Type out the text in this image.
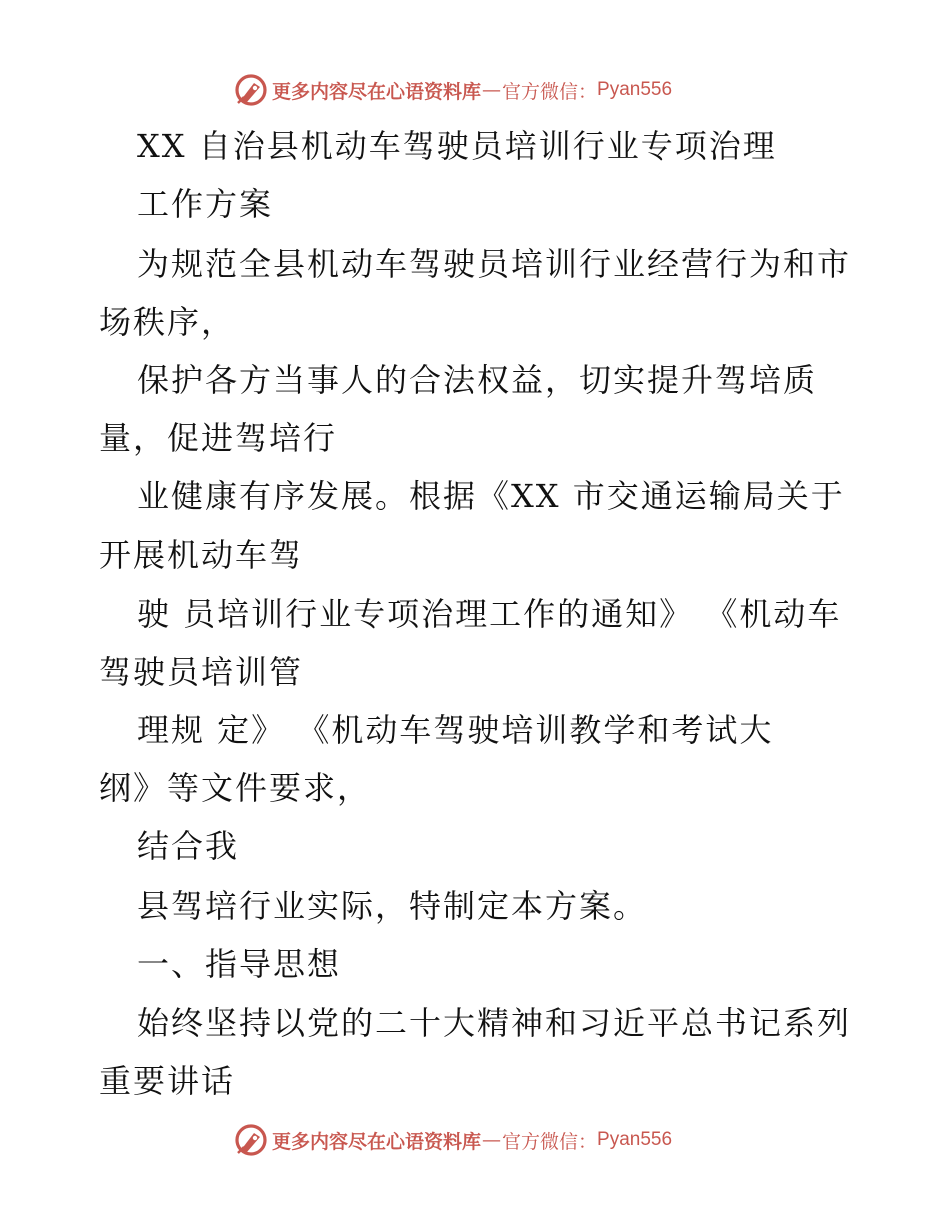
更多内容尽在心语资料库 — 官方微信： Pyan556
XX 自治县机动车驾驶员培训行业专项治理
工作方案
为规范全县机动车驾驶员培训行业经营行为和市
场秩序，
保护各方当事人的合法权益，切实提升驾培质
量，促进驾培行
业健康有序发展。根据《XX 市交通运输局关于
开展机动车驾
驶 员培训行业专项治理工作的通知》 《机动车
驾驶员培训管
理规 定》 《机动车驾驶培训教学和考试大
纲》等文件要求，
结合我
县驾培行业实际，特制定本方案。
一、指导思想
始终坚持以党的二十大精神和习近平总书记系列
重要讲话
更多内容尽在心语资料库 — 官方微信： Pyan556
